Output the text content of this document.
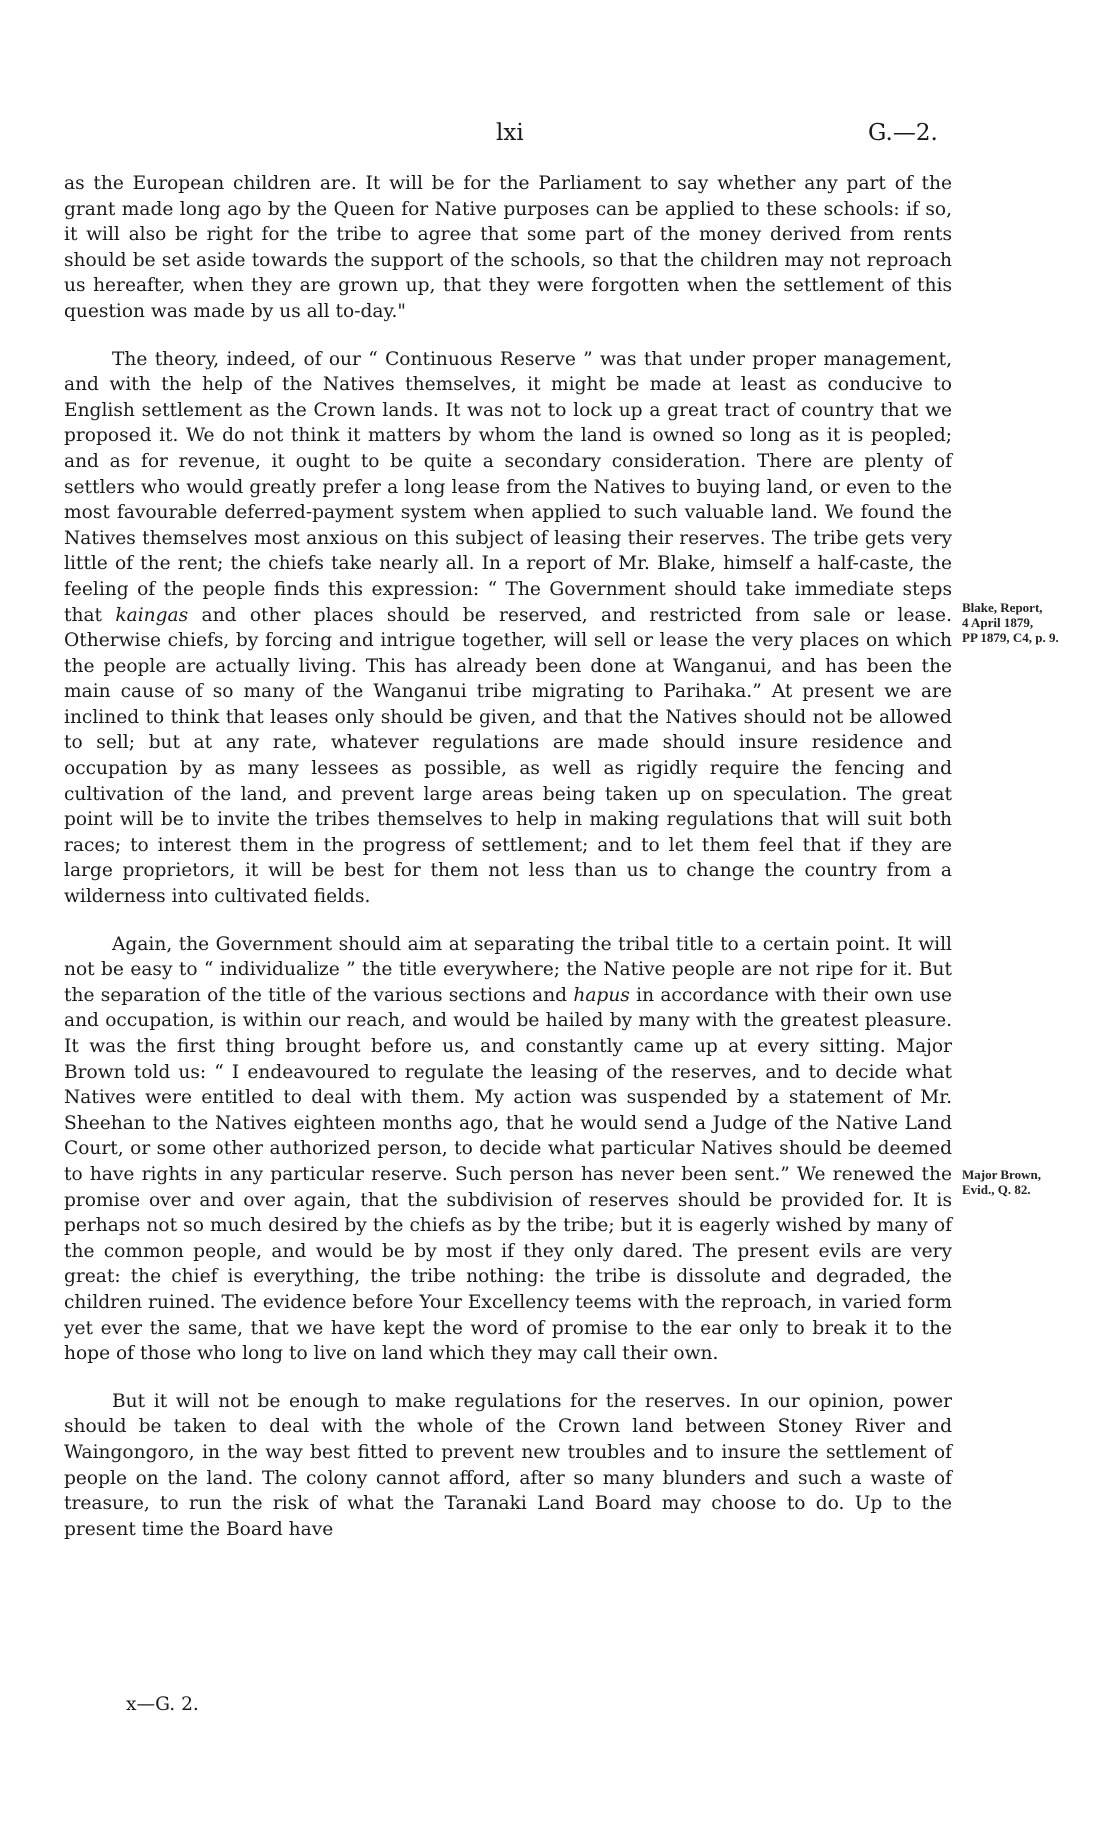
lxi	G.—2.

as the European children are. It will be for the Parliament to say whether any part of the grant made long ago by the Queen for Native purposes can be applied to these schools: if so, it will also be right for the tribe to agree that some part of the money derived from rents should be set aside towards the support of the schools, so that the children may not reproach us hereafter, when they are grown up, that they were forgotten when the settlement of this question was made by us all to-day."

The theory, indeed, of our “ Continuous Reserve ” was that under proper management, and with the help of the Natives themselves, it might be made at least as conducive to English settlement as the Crown lands. It was not to lock up a great tract of country that we proposed it. We do not think it matters by whom the land is owned so long as it is peopled; and as for revenue, it ought to be quite a secondary consideration. There are plenty of settlers who would greatly prefer a long lease from the Natives to buying land, or even to the most favourable deferred-payment system when applied to such valuable land. We found the Natives themselves most anxious on this subject of leasing their reserves. The tribe gets very little of the rent; the chiefs take nearly all. In a report of Mr. Blake, himself a half-caste, the feeling of the people finds this expression: “ The Government should take immediate steps that kaingas and other places should be reserved, and restricted from sale or lease. Otherwise chiefs, by forcing and intrigue together, will sell or lease the very places on which the people are actually living. This has already been done at Wanganui, and has been the main cause of so many of the Wanganui tribe migrating to Parihaka.” At present we are inclined to think that leases only should be given, and that the Natives should not be allowed to sell; but at any rate, whatever regulations are made should insure residence and occupation by as many lessees as possible, as well as rigidly require the fencing and cultivation of the land, and prevent large areas being taken up on speculation. The great point will be to invite the tribes themselves to help in making regulations that will suit both races; to interest them in the progress of settlement; and to let them feel that if they are large proprietors, it will be best for them not less than us to change the country from a wilderness into cultivated fields.

Again, the Government should aim at separating the tribal title to a certain point. It will not be easy to “ individualize ” the title everywhere; the Native people are not ripe for it. But the separation of the title of the various sections and hapus in accordance with their own use and occupation, is within our reach, and would be hailed by many with the greatest pleasure. It was the first thing brought before us, and constantly came up at every sitting. Major Brown told us: “ I endeavoured to regulate the leasing of the reserves, and to decide what Natives were entitled to deal with them. My action was suspended by a statement of Mr. Sheehan to the Natives eighteen months ago, that he would send a Judge of the Native Land Court, or some other authorized person, to decide what particular Natives should be deemed to have rights in any particular reserve. Such person has never been sent.” We renewed the promise over and over again, that the subdivision of reserves should be provided for. It is perhaps not so much desired by the chiefs as by the tribe; but it is eagerly wished by many of the common people, and would be by most if they only dared. The present evils are very great: the chief is everything, the tribe nothing: the tribe is dissolute and degraded, the children ruined. The evidence before Your Excellency teems with the reproach, in varied form yet ever the same, that we have kept the word of promise to the ear only to break it to the hope of those who long to live on land which they may call their own.

But it will not be enough to make regulations for the reserves. In our opinion, power should be taken to deal with the whole of the Crown land between Stoney River and Waingongoro, in the way best fitted to prevent new troubles and to insure the settlement of people on the land. The colony cannot afford, after so many blunders and such a waste of treasure, to run the risk of what the Taranaki Land Board may choose to do. Up to the present time the Board have

Blake, Report,
4 April 1879,
PP 1879, C4, p. 9.
Major Brown,
Evid., Q. 82.
x—G. 2.
